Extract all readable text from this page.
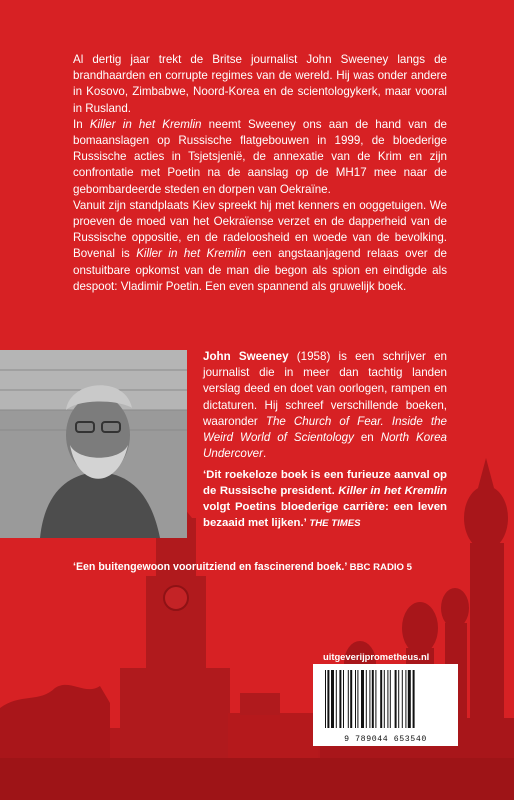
Al dertig jaar trekt de Britse journalist John Sweeney langs de brandhaarden en corrupte regimes van de wereld. Hij was onder andere in Kosovo, Zimbabwe, Noord-Korea en de scientologykerk, maar vooral in Rusland.

In Killer in het Kremlin neemt Sweeney ons aan de hand van de bomaanslagen op Russische flatgebouwen in 1999, de bloederige Russische acties in Tsjetsjenië, de annexatie van de Krim en zijn confrontatie met Poetin na de aanslag op de MH17 mee naar de gebombardeerde steden en dorpen van Oekraïne.

Vanuit zijn standplaats Kiev spreekt hij met kenners en ooggetuigen. We proeven de moed van het Oekraïense verzet en de dapperheid van de Russische oppositie, en de radeloosheid en woede van de bevolking. Bovenal is Killer in het Kremlin een angstaanjagend relaas over de onstuitbare opkomst van de man die begon als spion en eindigde als despoot: Vladimir Poetin. Een even spannend als gruwelijk boek.

John Sweeney (1958) is een schrijver en journalist die in meer dan tachtig landen verslag deed en doet van oorlogen, rampen en dictaturen. Hij schreef verschillende boeken, waaronder The Church of Fear. Inside the Weird World of Scientology en North Korea Undercover.

‘Dit roekeloze boek is een furieuze aanval op de Russische president. Killer in het Kremlin volgt Poetins bloederige carrière: een leven bezaaid met lijken.’ THE TIMES
‘Een buitengewoon vooruitziend en fascinerend boek.’ BBC RADIO 5
uitgeverijprometheus.nl
9 789044 653540
